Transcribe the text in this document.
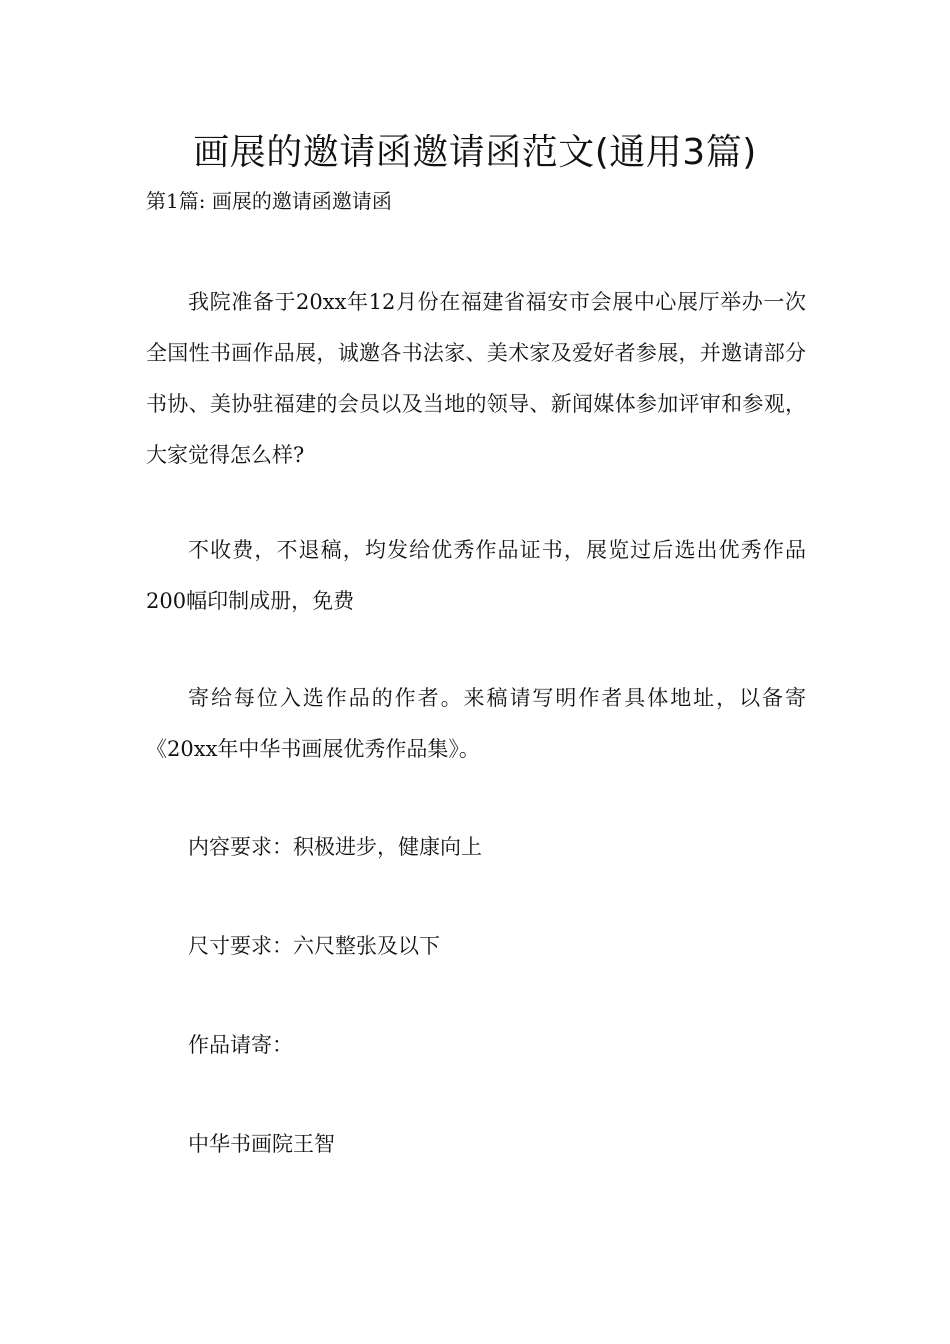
画展的邀请函邀请函范文(通用3篇)

第1篇: 画展的邀请函邀请函

我院准备于20xx年12月份在福建省福安市会展中心展厅举办一次全国性书画作品展，诚邀各书法家、美术家及爱好者参展，并邀请部分书协、美协驻福建的会员以及当地的领导、新闻媒体参加评审和参观，大家觉得怎么样?

不收费，不退稿，均发给优秀作品证书，展览过后选出优秀作品200幅印制成册，免费

寄给每位入选作品的作者。来稿请写明作者具体地址，以备寄《20xx年中华书画展优秀作品集》。

内容要求：积极进步，健康向上

尺寸要求：六尺整张及以下

作品请寄：

中华书画院王智
